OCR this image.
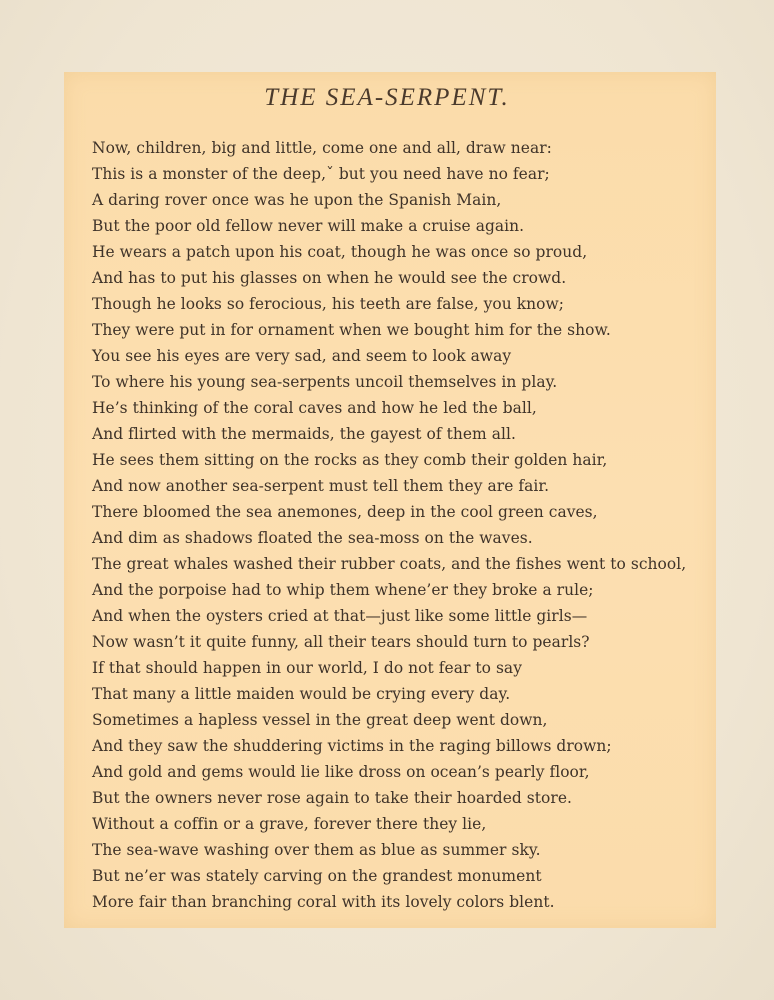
THE SEA-SERPENT.
Now, children, big and little, come one and all, draw near:
This is a monster of the deep,ˇ but you need have no fear;
A daring rover once was he upon the Spanish Main,
But the poor old fellow never will make a cruise again.
He wears a patch upon his coat, though he was once so proud,
And has to put his glasses on when he would see the crowd.
Though he looks so ferocious, his teeth are false, you know;
They were put in for ornament when we bought him for the show.
You see his eyes are very sad, and seem to look away
To where his young sea-serpents uncoil themselves in play.
He’s thinking of the coral caves and how he led the ball,
And flirted with the mermaids, the gayest of them all.
He sees them sitting on the rocks as they comb their golden hair,
And now another sea-serpent must tell them they are fair.
There bloomed the sea anemones, deep in the cool green caves,
And dim as shadows floated the sea-moss on the waves.
The great whales washed their rubber coats, and the fishes went to school,
And the porpoise had to whip them whene’er they broke a rule;
And when the oysters cried at that—just like some little girls—
Now wasn’t it quite funny, all their tears should turn to pearls?
If that should happen in our world, I do not fear to say
That many a little maiden would be crying every day.
Sometimes a hapless vessel in the great deep went down,
And they saw the shuddering victims in the raging billows drown;
And gold and gems would lie like dross on ocean’s pearly floor,
But the owners never rose again to take their hoarded store.
Without a coffin or a grave, forever there they lie,
The sea-wave washing over them as blue as summer sky.
But ne’er was stately carving on the grandest monument
More fair than branching coral with its lovely colors blent.
